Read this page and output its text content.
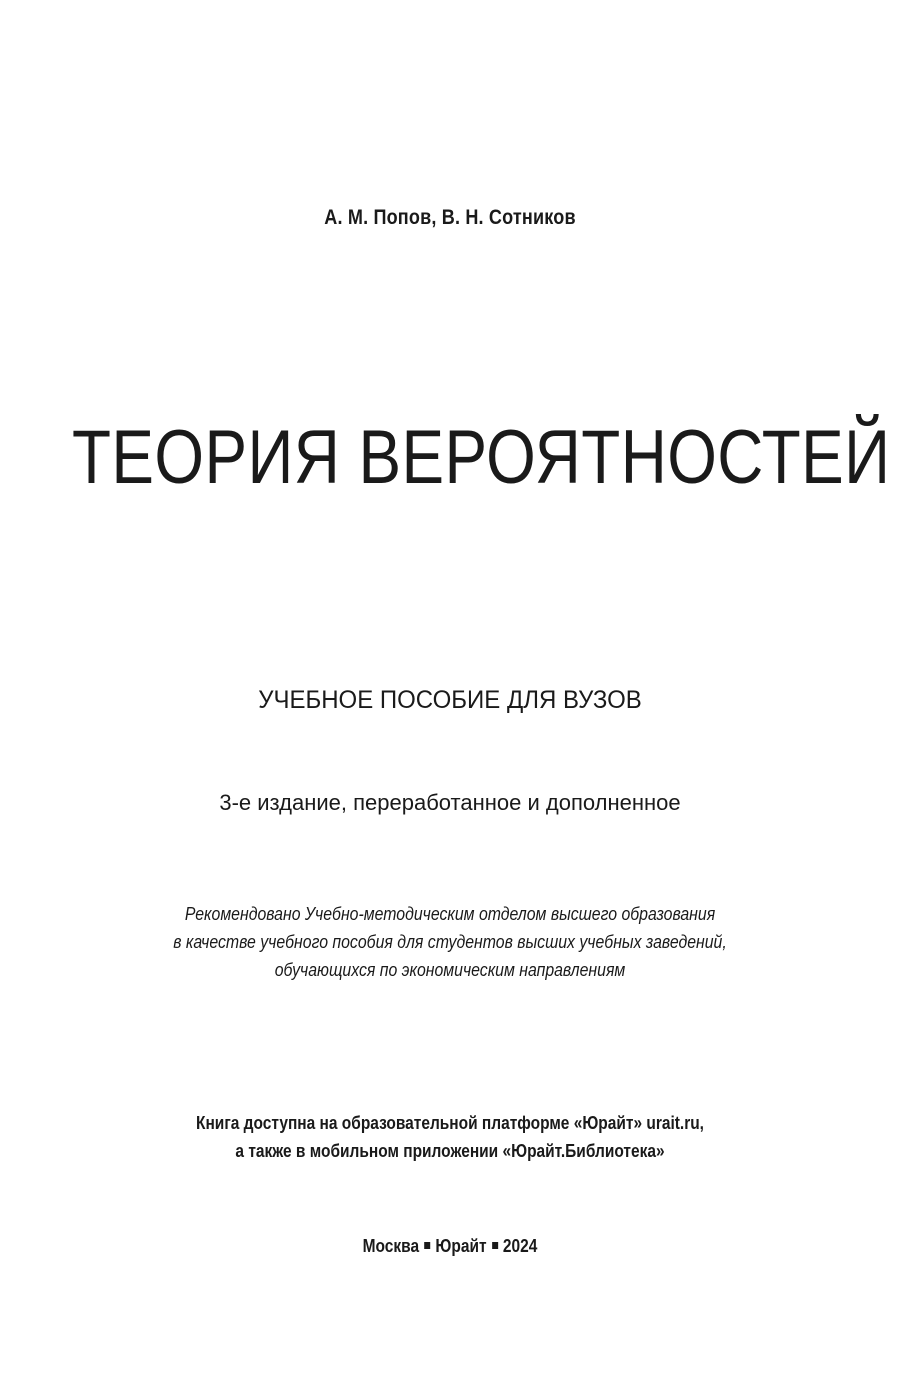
А. М. Попов, В. Н. Сотников
ТЕОРИЯ ВЕРОЯТНОСТЕЙ
УЧЕБНОЕ ПОСОБИЕ ДЛЯ ВУЗОВ
3-е издание, переработанное и дополненное
Рекомендовано Учебно-методическим отделом высшего образования
в качестве учебного пособия для студентов высших учебных заведений,
обучающихся по экономическим направлениям
Книга доступна на образовательной платформе «Юрайт» urait.ru,
а также в мобильном приложении «Юрайт.Библиотека»
Москва Юрайт 2024
